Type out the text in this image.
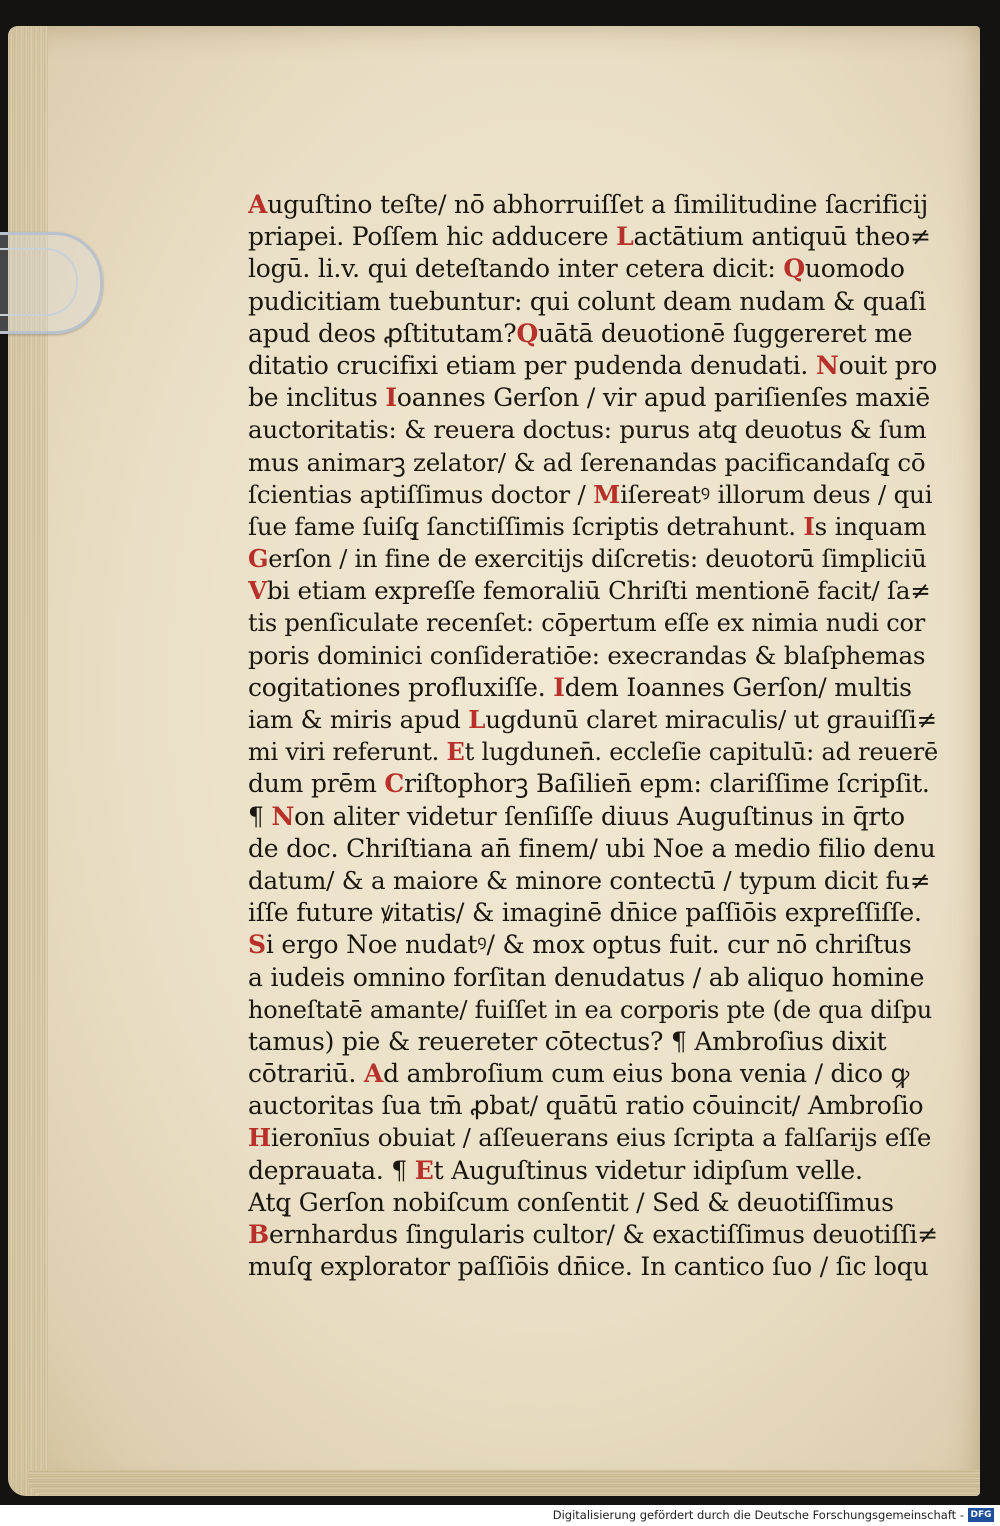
Auguſtino teſte/ nō abhorruiſſet a ſimilitudine ſacrificij
priapei. Poſſem hic adducere Lactātium antiquū theo≠
logū. li.v. qui deteſtando inter cetera dicit: Quomodo
pudicitiam tuebuntur: qui colunt deam nudam & quaſi
apud deos ꝓſtitutam?Quātā deuotionē ſuggereret me
ditatio crucifixi etiam per pudenda denudati. Nouit pro
be inclitus Ioannes Gerſon / vir apud pariſienſes maxiē
auctoritatis: & reuera doctus: purus atq̧ deuotus & ſum
mus animarꝫ zelator/ & ad ſerenandas pacificandaſq̧ cō
ſcientias aptiſſimus doctor / Miſereatꝰ illorum deus / qui
ſue fame ſuiſq̧ ſanctiſſimis ſcriptis detrahunt. Is inquam
Gerſon / in fine de exercitijs diſcretis: deuotorū ſimpliciū
Vbi etiam expreſſe femoraliū Chriſti mentionē facit/ ſa≠
tis penſiculate recenſet: cōpertum eſſe ex nimia nudi cor
poris dominici conſideratiōe: execrandas & blaſphemas
cogitationes profluxiſſe. Idem Ioannes Gerſon/ multis
iam & miris apud Lugdunū claret miraculis/ ut grauiſſi≠
mi viri referunt. Et lugdunen̄. eccleſie capitulū: ad reuerē
dum prēm Criſtophorꝫ Baſilien̄ epm: clariſſime ſcripſit.
¶ Non aliter videtur ſenſiſſe diuus Auguſtinus in q̄rto
de doc. Chriſtiana an̄ finem/ ubi Noe a medio filio denu
datum/ & a maiore & minore contectū / typum dicit fu≠
iſſe future ꝟitatis/ & imaginē dn̄ice paſſiōis expreſſiſſe.
Si ergo Noe nudatꝰ/ & mox optus fuit. cur nō chriſtus
a iudeis omnino forſitan denudatus / ab aliquo homine
honeſtatē amante/ fuiſſet in ea corporis pte (de qua diſpu
tamus) pie & reuereter cōtectus? ¶ Ambroſius dixit
cōtrariū. Ad ambroſium cum eius bona venia / dico ꝙ
auctoritas ſua tm̄ ꝓbat/ quātū ratio cōuincit/ Ambroſio
Hieronīus obuiat / aſſeuerans eius ſcripta a falſarijs eſſe
deprauata. ¶ Et Auguſtinus videtur idipſum velle.
Atq̧ Gerſon nobiſcum conſentit / Sed & deuotiſſimus
Bernhardus ſingularis cultor/ & exactiſſimus deuotiſſi≠
muſq̧ explorator paſſiōis dn̄ice. In cantico ſuo / ſic loqu
Digitalisierung gefördert durch die Deutsche Forschungsgemeinschaft - DFG
